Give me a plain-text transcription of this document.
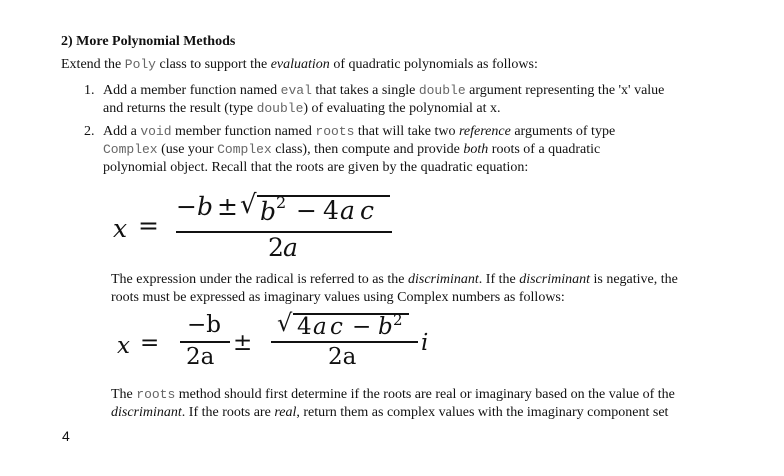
2) More Polynomial Methods
Extend the Poly class to support the evaluation of quadratic polynomials as follows:
1. Add a member function named eval that takes a single double argument representing the 'x' value
and returns the result (type double) of evaluating the polynomial at x.
2. Add a void member function named roots that will take two reference arguments of type
Complex (use your Complex class), then compute and provide both roots of a quadratic
polynomial object. Recall that the roots are given by the quadratic equation:
x =
− b ± √ b 2 − 4 a c
2 a
The expression under the radical is referred to as the discriminant. If the discriminant is negative, the
roots must be expressed as imaginary values using Complex numbers as follows:
x =
−b
2a
±
√ 4 a c − b 2
2a
i
The roots method should first determine if the roots are real or imaginary based on the value of the
discriminant. If the roots are real, return them as complex values with the imaginary component set
4
